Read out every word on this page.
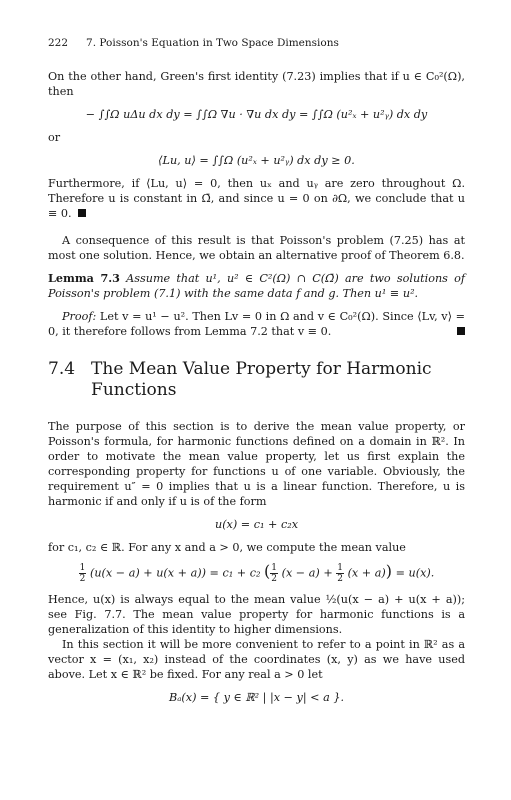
222 7. Poisson's Equation in Two Space Dimensions

On the other hand, Green's first identity (7.23) implies that if u ∈ C₀²(Ω), then

− ∫∫Ω uΔu dx dy = ∫∫Ω ∇u · ∇u dx dy = ∫∫Ω (u²ₓ + u²ᵧ) dx dy

or

⟨Lu, u⟩ = ∫∫Ω (u²ₓ + u²ᵧ) dx dy ≥ 0.

Furthermore, if ⟨Lu, u⟩ = 0, then uₓ and uᵧ are zero throughout Ω. Therefore u is constant in Ω̄, and since u = 0 on ∂Ω, we conclude that u ≡ 0.

A consequence of this result is that Poisson's problem (7.25) has at most one solution. Hence, we obtain an alternative proof of Theorem 6.8.

Lemma 7.3 Assume that u¹, u² ∈ C²(Ω) ∩ C(Ω̄) are two solutions of Poisson's problem (7.1) with the same data f and g. Then u¹ ≡ u².

Proof: Let v = u¹ − u². Then Lv = 0 in Ω and v ∈ C₀²(Ω). Since ⟨Lv, v⟩ = 0, it therefore follows from Lemma 7.2 that v ≡ 0.

7.4 The Mean Value Property for Harmonic Functions

The purpose of this section is to derive the mean value property, or Poisson's formula, for harmonic functions defined on a domain in ℝ². In order to motivate the mean value property, let us first explain the corresponding property for functions u of one variable. Obviously, the requirement u″ = 0 implies that u is a linear function. Therefore, u is harmonic if and only if u is of the form

u(x) = c₁ + c₂x

for c₁, c₂ ∈ ℝ. For any x and a > 0, we compute the mean value

$\frac{1}{2} (u(x - a) + u(x + a)) = c_1 + c_2$ ( $\frac{1}{2} (x - a) + \frac{1}{2} (x + a)) = u(x)$.

Hence, u(x) is always equal to the mean value ½(u(x − a) + u(x + a)); see Fig. 7.7. The mean value property for harmonic functions is a generalization of this identity to higher dimensions.

In this section it will be more convenient to refer to a point in ℝ² as a vector x = (x₁, x₂) instead of the coordinates (x, y) as we have used above. Let x ∈ ℝ² be fixed. For any real a > 0 let

Bₐ(x) = { y ∈ ℝ² | |x − y| < a }.
